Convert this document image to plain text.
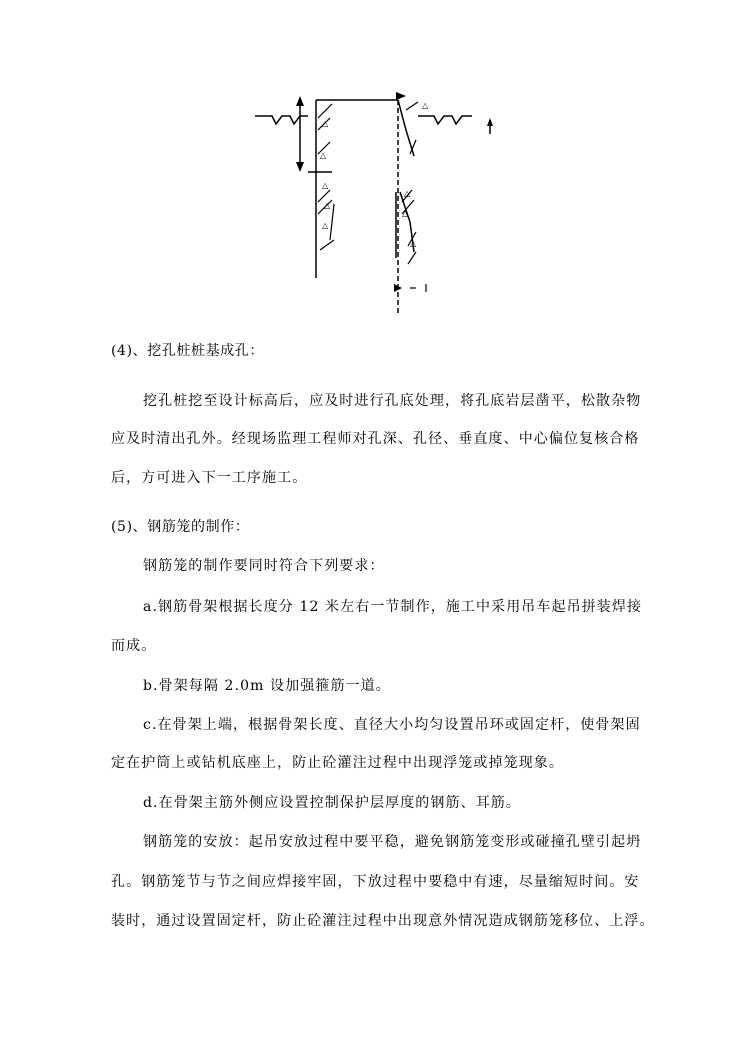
△
△
△
△
△
△
△
△
△
(4)、挖孔桩桩基成孔：
挖孔桩挖至设计标高后，应及时进行孔底处理，将孔底岩层凿平，松散杂物
应及时清出孔外。经现场监理工程师对孔深、孔径、垂直度、中心偏位复核合格
后，方可进入下一工序施工。
(5)、钢筋笼的制作：
钢筋笼的制作要同时符合下列要求：
a.钢筋骨架根据长度分 12 米左右一节制作，施工中采用吊车起吊拼装焊接
而成。
b.骨架每隔 2.0m 设加强箍筋一道。
c.在骨架上端，根据骨架长度、直径大小均匀设置吊环或固定杆，使骨架固
定在护筒上或钻机底座上，防止砼灌注过程中出现浮笼或掉笼现象。
d.在骨架主筋外侧应设置控制保护层厚度的钢筋、耳筋。
钢筋笼的安放：起吊安放过程中要平稳，避免钢筋笼变形或碰撞孔壁引起坍
孔。钢筋笼节与节之间应焊接牢固，下放过程中要稳中有速，尽量缩短时间。安
装时，通过设置固定杆，防止砼灌注过程中出现意外情况造成钢筋笼移位、上浮。
